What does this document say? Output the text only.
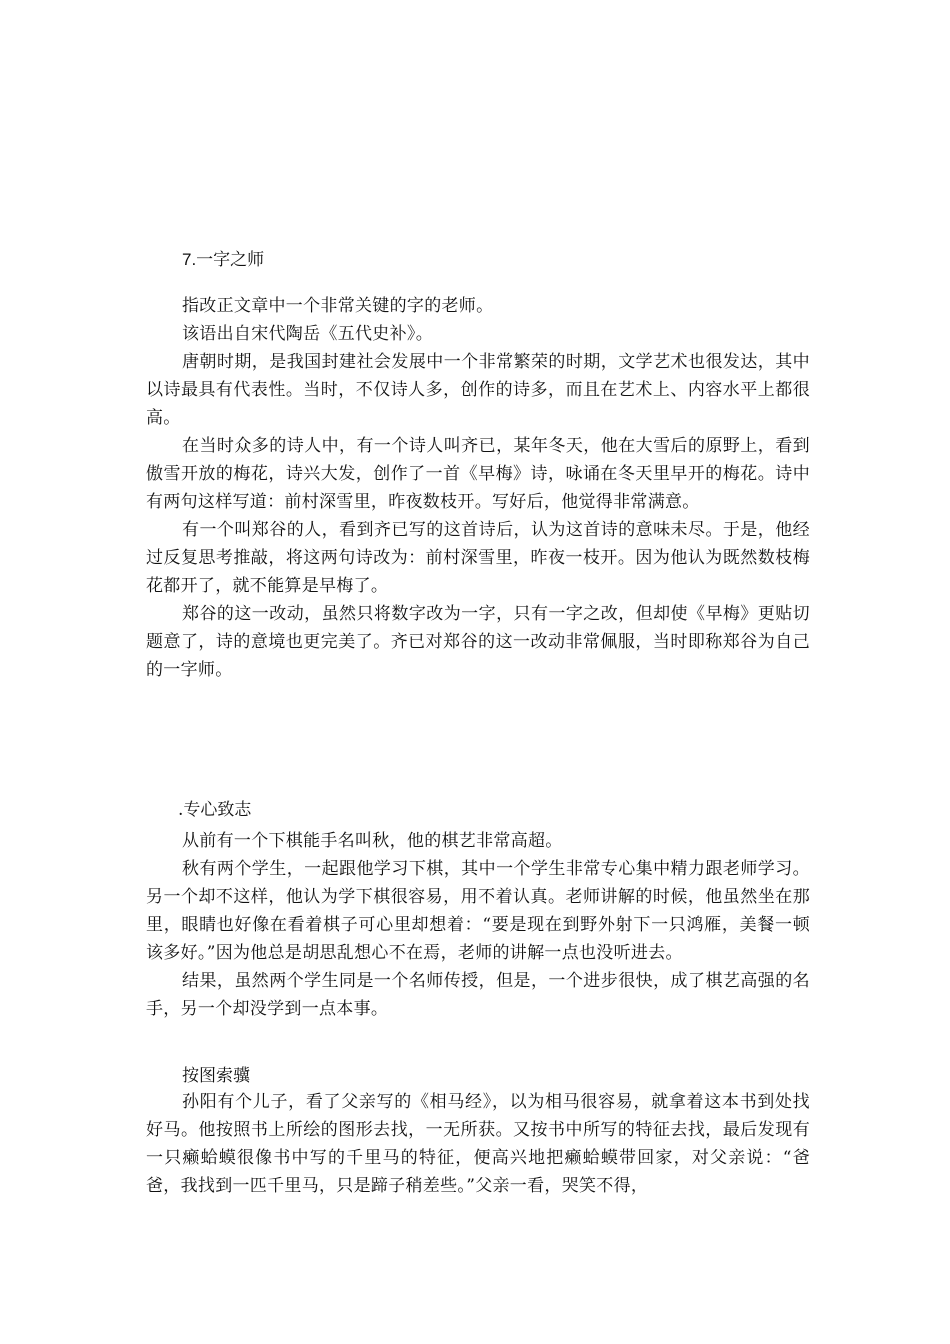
7.一字之师

指改正文章中一个非常关键的字的老师。

该语出自宋代陶岳《五代史补》。

唐朝时期，是我国封建社会发展中一个非常繁荣的时期，文学艺术也很发达，其中以诗最具有代表性。当时，不仅诗人多，创作的诗多，而且在艺术上、内容水平上都很高。

在当时众多的诗人中，有一个诗人叫齐已，某年冬天，他在大雪后的原野上，看到傲雪开放的梅花，诗兴大发，创作了一首《早梅》诗，咏诵在冬天里早开的梅花。诗中有两句这样写道：前村深雪里，昨夜数枝开。写好后，他觉得非常满意。

有一个叫郑谷的人，看到齐已写的这首诗后，认为这首诗的意味未尽。于是，他经过反复思考推敲，将这两句诗改为：前村深雪里，昨夜一枝开。因为他认为既然数枝梅花都开了，就不能算是早梅了。

郑谷的这一改动，虽然只将数字改为一字，只有一字之改，但却使《早梅》更贴切题意了，诗的意境也更完美了。齐已对郑谷的这一改动非常佩服，当时即称郑谷为自己的一字师。

.专心致志

从前有一个下棋能手名叫秋，他的棋艺非常高超。

秋有两个学生，一起跟他学习下棋，其中一个学生非常专心集中精力跟老师学习。另一个却不这样，他认为学下棋很容易，用不着认真。老师讲解的时候，他虽然坐在那里，眼睛也好像在看着棋子可心里却想着：“要是现在到野外射下一只鸿雁，美餐一顿该多好。”因为他总是胡思乱想心不在焉，老师的讲解一点也没听进去。

结果，虽然两个学生同是一个名师传授，但是，一个进步很快，成了棋艺高强的名手，另一个却没学到一点本事。

按图索骥

孙阳有个儿子，看了父亲写的《相马经》，以为相马很容易，就拿着这本书到处找好马。他按照书上所绘的图形去找，一无所获。又按书中所写的特征去找，最后发现有一只癞蛤蟆很像书中写的千里马的特征，便高兴地把癞蛤蟆带回家，对父亲说：“爸爸，我找到一匹千里马，只是蹄子稍差些。”父亲一看，哭笑不得，
